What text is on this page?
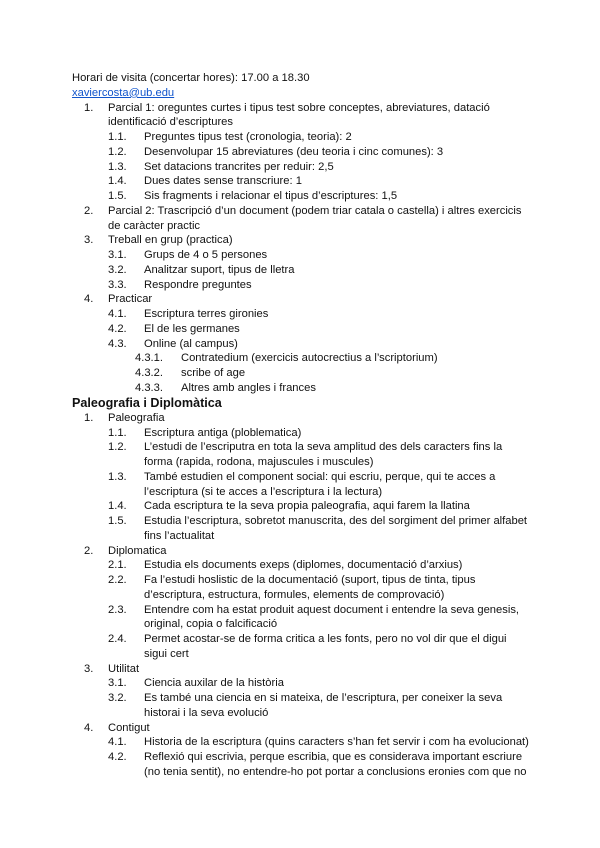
Horari de visita (concertar hores): 17.00 a 18.30
xaviercosta@ub.edu
1. Parcial 1: oreguntes curtes i tipus test sobre conceptes, abreviatures, datació
identificació d’escriptures
1.1. Preguntes tipus test (cronologia, teoria): 2
1.2. Desenvolupar 15 abreviatures (deu teoria i cinc comunes): 3
1.3. Set datacions trancrites per reduir: 2,5
1.4. Dues dates sense transcriure: 1
1.5. Sis fragments i relacionar el tipus d’escriptures: 1,5
2. Parcial 2: Trascripció d’un document (podem triar catala o castella) i altres exercicis
de caràcter practic
3. Treball en grup (practica)
3.1. Grups de 4 o 5 persones
3.2. Analitzar suport, tipus de lletra
3.3. Respondre preguntes
4. Practicar
4.1. Escriptura terres gironies
4.2. El de les germanes
4.3. Online (al campus)
4.3.1. Contratedium (exercicis autocrectius a l’scriptorium)
4.3.2. scribe of age
4.3.3. Altres amb angles i frances
Paleografia i Diplomàtica
1. Paleografia
1.1. Escriptura antiga (ploblematica)
1.2. L’estudi de l’escriputra en tota la seva amplitud des dels caracters fins la
forma (rapida, rodona, majuscules i muscules)
1.3. També estudien el component social: qui escriu, perque, qui te acces a
l’escriptura (si te acces a l’escriptura i la lectura)
1.4. Cada escriptura te la seva propia paleografia, aqui farem la llatina
1.5. Estudia l’escriptura, sobretot manuscrita, des del sorgiment del primer alfabet
fins l’actualitat
2. Diplomatica
2.1. Estudia els documents exeps (diplomes, documentació d’arxius)
2.2. Fa l’estudi hoslistic de la documentació (suport, tipus de tinta, tipus
d’escriptura, estructura, formules, elements de comprovació)
2.3. Entendre com ha estat produit aquest document i entendre la seva genesis,
original, copia o falcificació
2.4. Permet acostar-se de forma critica a les fonts, pero no vol dir que el digui
sigui cert
3. Utilitat
3.1. Ciencia auxilar de la història
3.2. Es també una ciencia en si mateixa, de l’escriptura, per coneixer la seva
historai i la seva evolució
4. Contigut
4.1. Historia de la escriptura (quins caracters s’han fet servir i com ha evolucionat)
4.2. Reflexió qui escrivia, perque escribia, que es considerava important escriure
(no tenia sentit), no entendre-ho pot portar a conclusions eronies com que no
